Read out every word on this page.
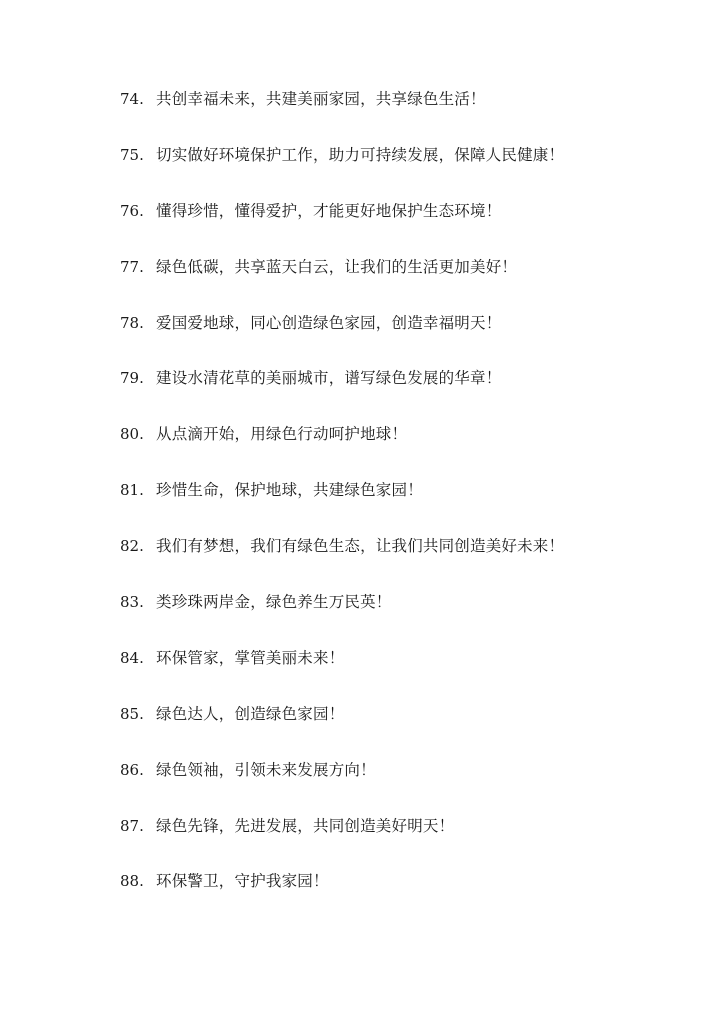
74. 共创幸福未来，共建美丽家园，共享绿色生活！
75. 切实做好环境保护工作，助力可持续发展，保障人民健康！
76. 懂得珍惜，懂得爱护，才能更好地保护生态环境！
77. 绿色低碳，共享蓝天白云，让我们的生活更加美好！
78. 爱国爱地球，同心创造绿色家园，创造幸福明天！
79. 建设水清花草的美丽城市，谱写绿色发展的华章！
80. 从点滴开始，用绿色行动呵护地球！
81. 珍惜生命，保护地球，共建绿色家园！
82. 我们有梦想，我们有绿色生态，让我们共同创造美好未来！
83. 类珍珠两岸金，绿色养生万民英！
84. 环保管家，掌管美丽未来！
85. 绿色达人，创造绿色家园！
86. 绿色领袖，引领未来发展方向！
87. 绿色先锋，先进发展，共同创造美好明天！
88. 环保警卫，守护我家园！
